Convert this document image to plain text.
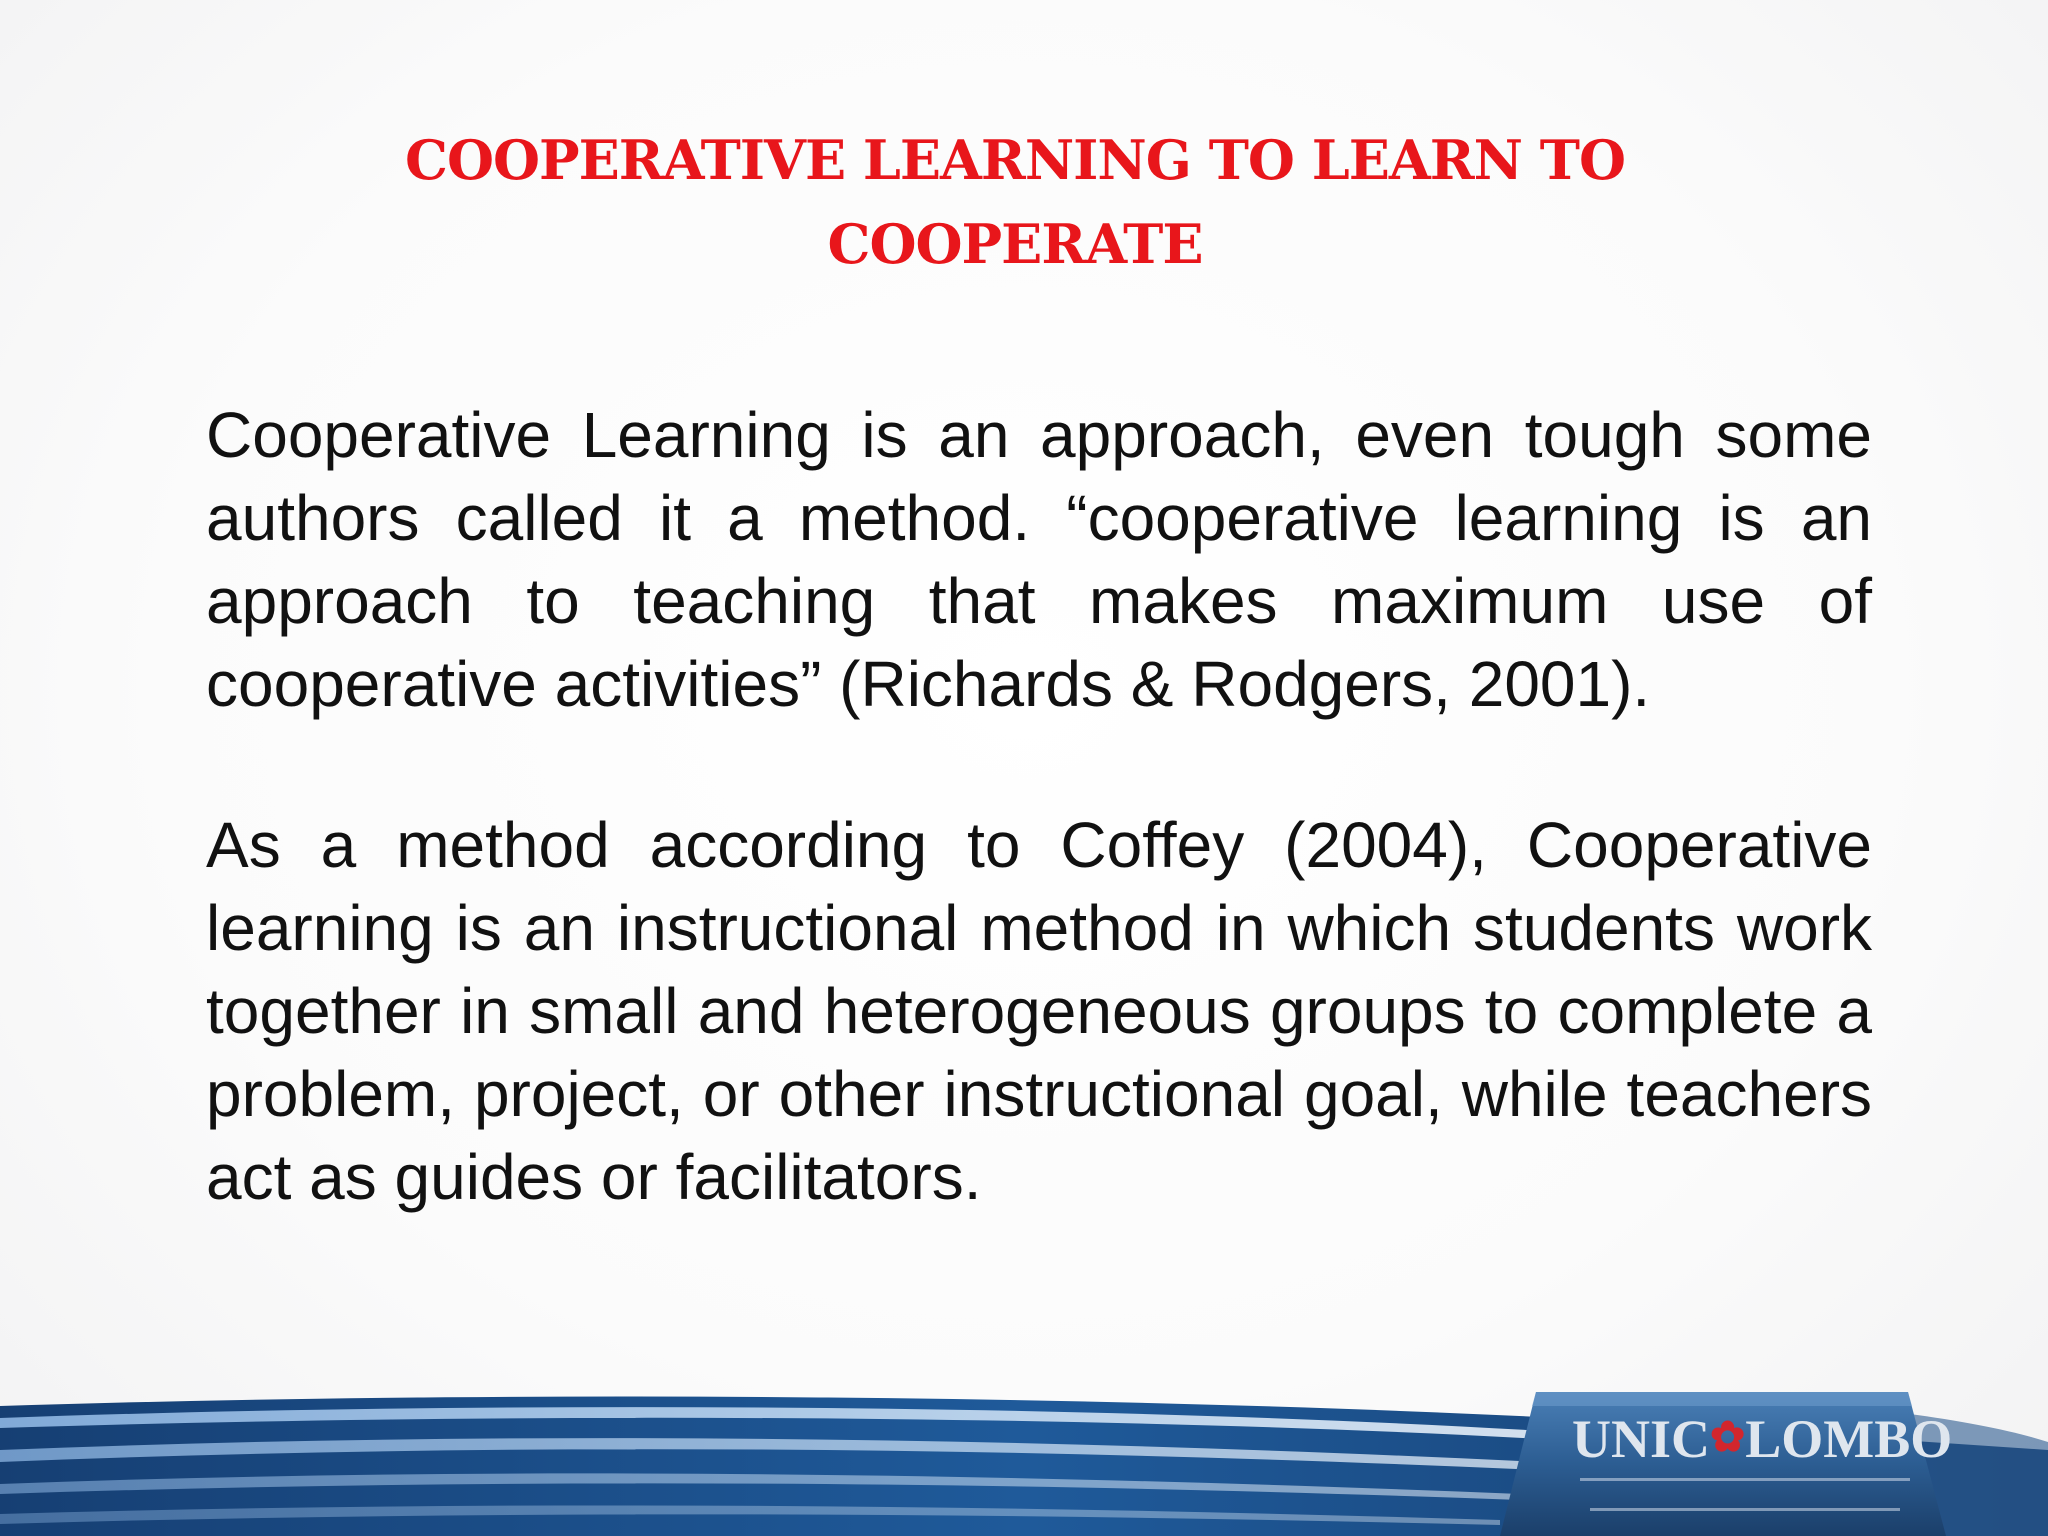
COOPERATIVE LEARNING TO LEARN TO COOPERATE
Cooperative Learning is an approach, even tough some authors called it a method. “cooperative learning is an approach to teaching that makes maximum use of cooperative activities” (Richards & Rodgers, 2001).
As a method according to Coffey (2004), Cooperative learning is an instructional method in which students work together in small and heterogeneous groups to complete a problem, project, or other instructional goal, while teachers act as guides or facilitators.
UNIC✿LOMBO
